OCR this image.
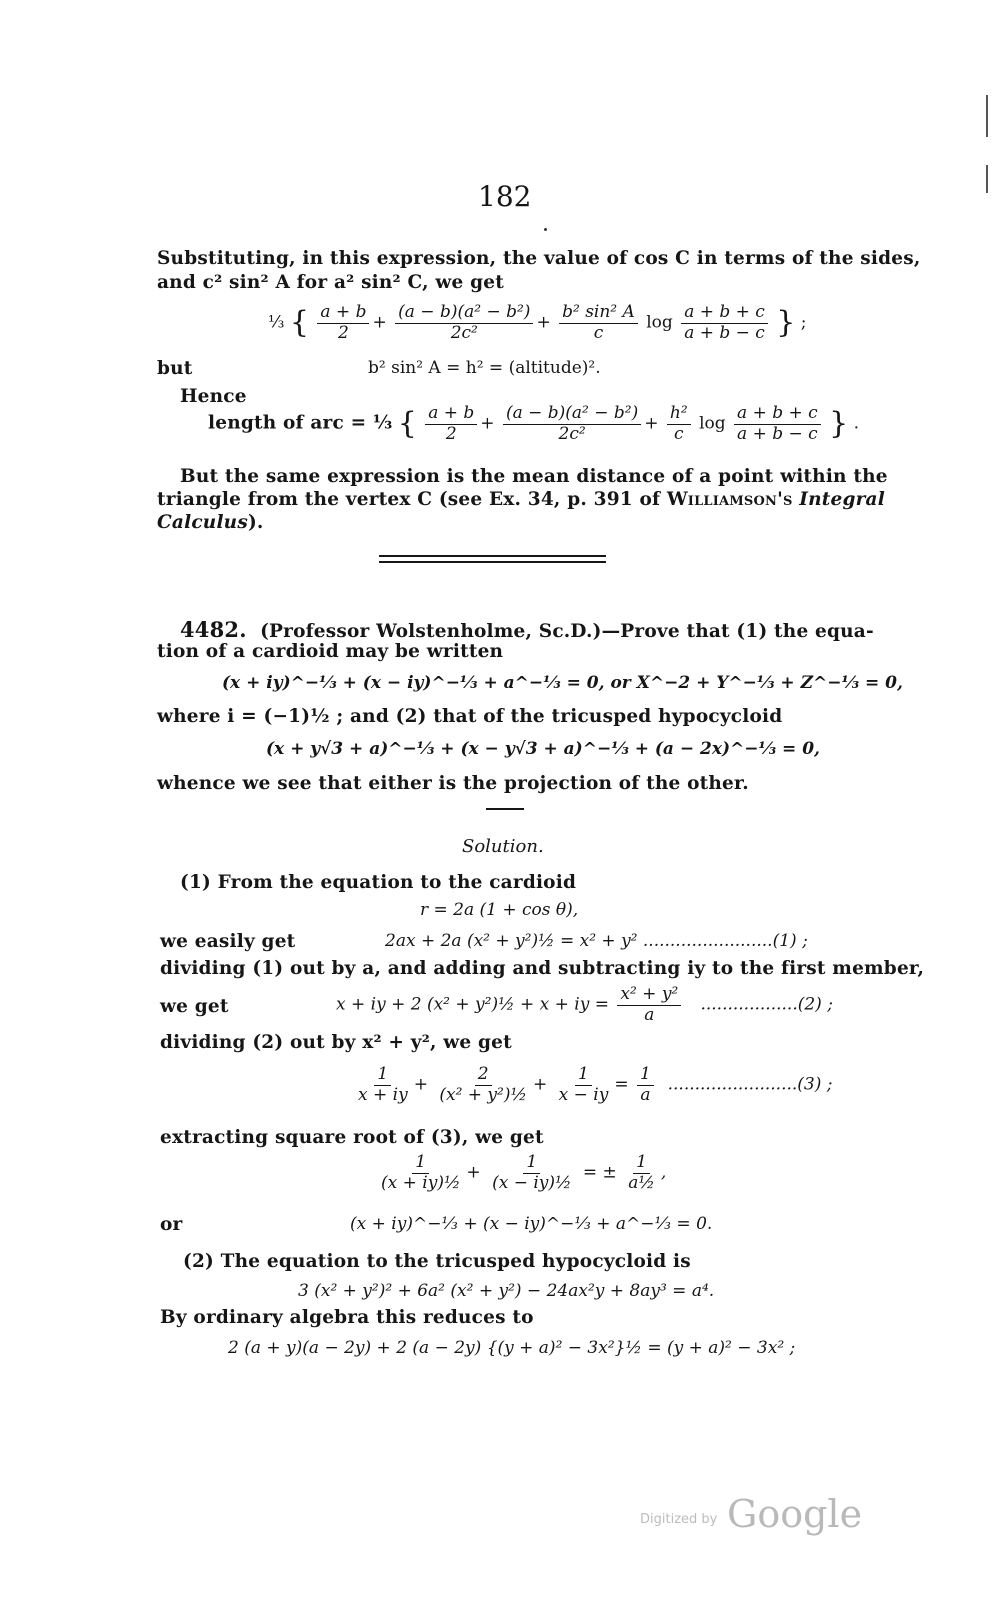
182
Substituting, in this expression, the value of cos C in terms of the sides,
and c² sin² A for a² sin² C, we get
⅓ { $\frac{a + b}{2} + \frac{\text{(a − b)(a² − b²)}}{\text{2c²}} + \frac{\text{b² sin² A}}{c}$ $\log \frac{a + b + c}{a + b - c}$ } ;
but	b² sin² A = h² = (altitude)².
Hence
length of arc = ⅓ { $\frac{a + b}{2} + \frac{\text{(a − b)(a² − b²)}}{\text{2c²}} + \frac{\text{h²}}{c}$ $\log \frac{a + b + c}{a + b - c}$ } .
But the same expression is the mean distance of a point within the
triangle from the vertex C (see Ex. 34, p. 391 of Williamson's Integral
Calculus).
4482. (Professor Wolstenholme, Sc.D.)—Prove that (1) the equa-
tion of a cardioid may be written
(x + iy)^−⅓ + (x − iy)^−⅓ + a^−⅓ = 0, or X^−2 + Y^−⅓ + Z^−⅓ = 0,
where i = (−1)½ ; and (2) that of the tricusped hypocycloid
(x + y√3 + a)^−⅓ + (x − y√3 + a)^−⅓ + (a − 2x)^−⅓ = 0,
whence we see that either is the projection of the other.
Solution.
(1) From the equation to the cardioid
r = 2a (1 + cos θ),
we easily get	2ax + 2a (x² + y²)½ = x² + y² ........................(1) ;
dividing (1) out by a, and adding and subtracting iy to the first member,
we get	x + iy + 2 (x² + y²)½ + x + iy = $\frac{\text{x² + y²}}{a} ..................(2)$ ;
dividing (2) out by x² + y², we get
$\frac{1}{x + iy} + \frac{2}{\text{(x² + y²)½}} + \frac{1}{x - iy} = \frac{1}{a} ........................(3)$ ;
extracting square root of (3), we get
$\frac{1}{\text{(x + iy)½}} + \frac{1}{\text{(x − iy)½}}$ = ± $\frac{1}{\text{a½}}$ ,
or	(x + iy)^−⅓ + (x − iy)^−⅓ + a^−⅓ = 0.
(2) The equation to the tricusped hypocycloid is
3 (x² + y²)² + 6a² (x² + y²) − 24ax²y + 8ay³ = a⁴.
By ordinary algebra this reduces to
2 (a + y)(a − 2y) + 2 (a − 2y) {(y + a)² − 3x²}½ = (y + a)² − 3x² ;
Digitized by Google
